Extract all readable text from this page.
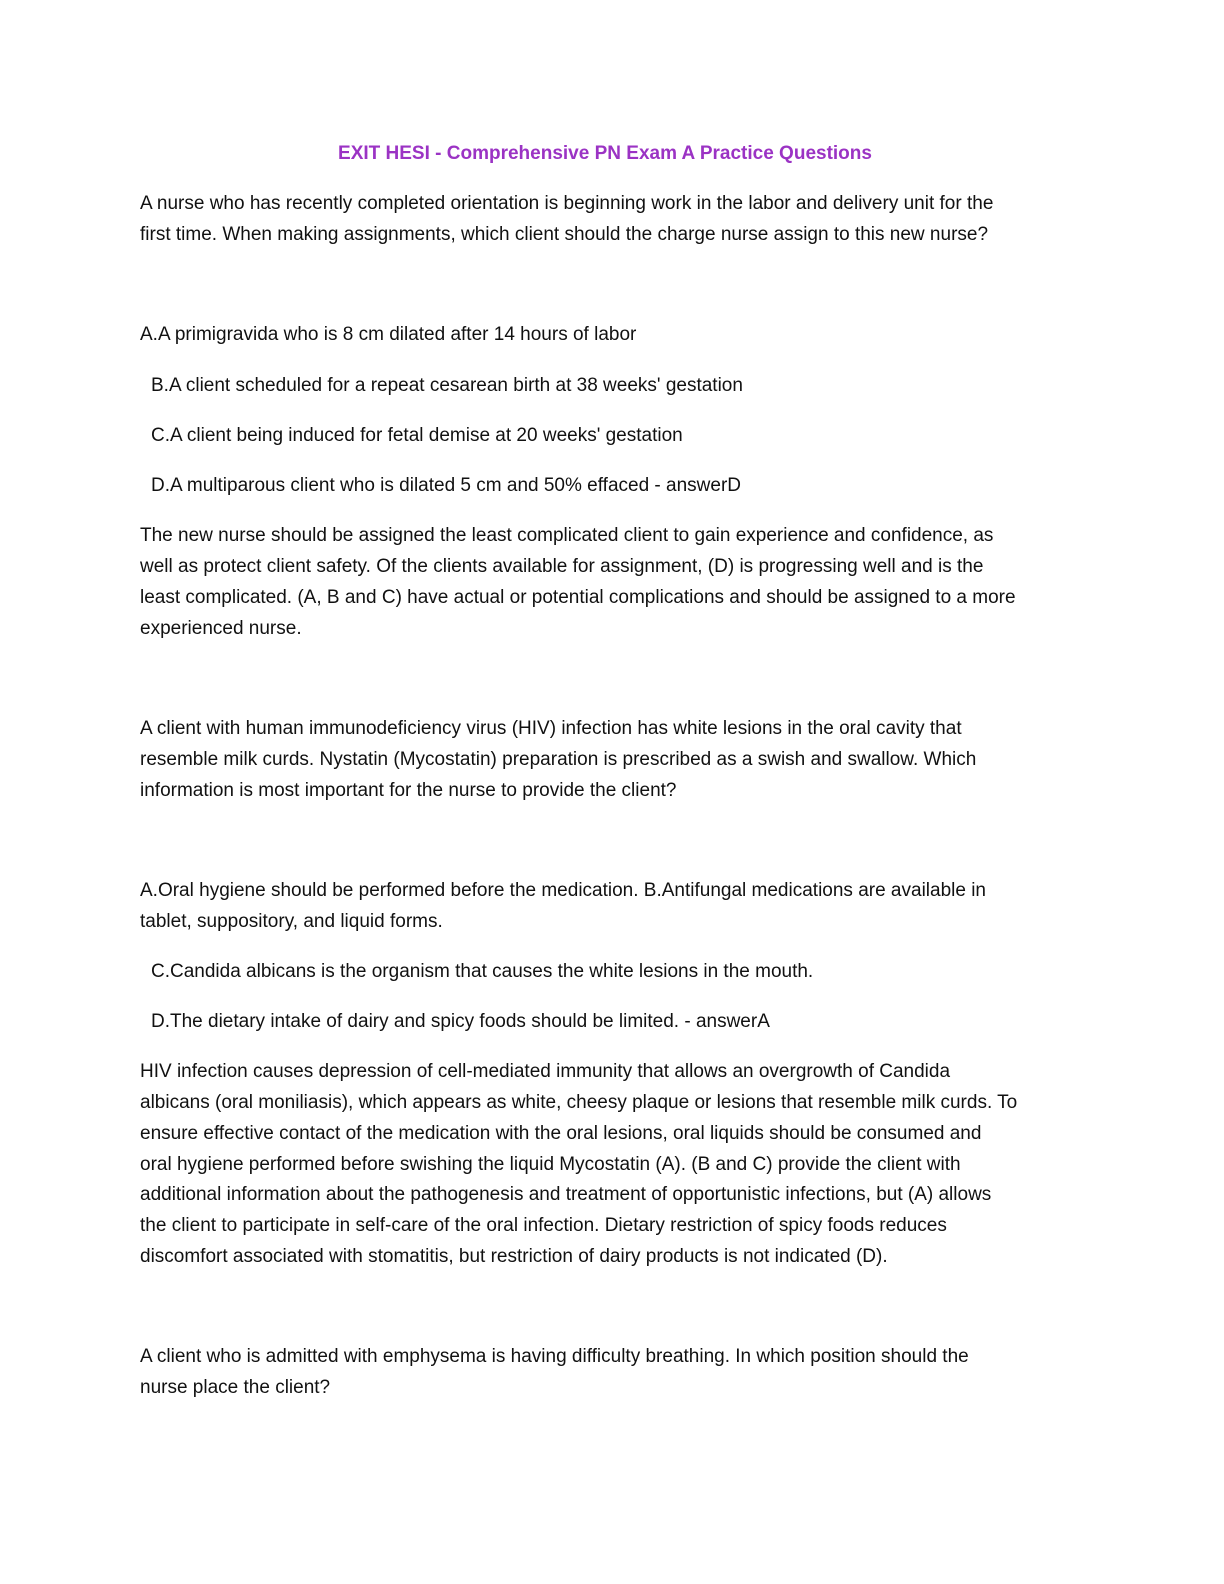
EXIT HESI - Comprehensive PN Exam A Practice Questions

A nurse who has recently completed orientation is beginning work in the labor and delivery unit for the

first time. When making assignments, which client should the charge nurse assign to this new nurse?

A.A primigravida who is 8 cm dilated after 14 hours of labor

B.A client scheduled for a repeat cesarean birth at 38 weeks' gestation

C.A client being induced for fetal demise at 20 weeks' gestation

D.A multiparous client who is dilated 5 cm and 50% effaced - answerD

The new nurse should be assigned the least complicated client to gain experience and confidence, as

well as protect client safety. Of the clients available for assignment, (D) is progressing well and is the

least complicated. (A, B and C) have actual or potential complications and should be assigned to a more

experienced nurse.

A client with human immunodeficiency virus (HIV) infection has white lesions in the oral cavity that

resemble milk curds. Nystatin (Mycostatin) preparation is prescribed as a swish and swallow. Which

information is most important for the nurse to provide the client?

A.Oral hygiene should be performed before the medication. B.Antifungal medications are available in

tablet, suppository, and liquid forms.

C.Candida albicans is the organism that causes the white lesions in the mouth.

D.The dietary intake of dairy and spicy foods should be limited. - answerA

HIV infection causes depression of cell-mediated immunity that allows an overgrowth of Candida

albicans (oral moniliasis), which appears as white, cheesy plaque or lesions that resemble milk curds. To

ensure effective contact of the medication with the oral lesions, oral liquids should be consumed and

oral hygiene performed before swishing the liquid Mycostatin (A). (B and C) provide the client with

additional information about the pathogenesis and treatment of opportunistic infections, but (A) allows

the client to participate in self-care of the oral infection. Dietary restriction of spicy foods reduces

discomfort associated with stomatitis, but restriction of dairy products is not indicated (D).

A client who is admitted with emphysema is having difficulty breathing. In which position should the

nurse place the client?
